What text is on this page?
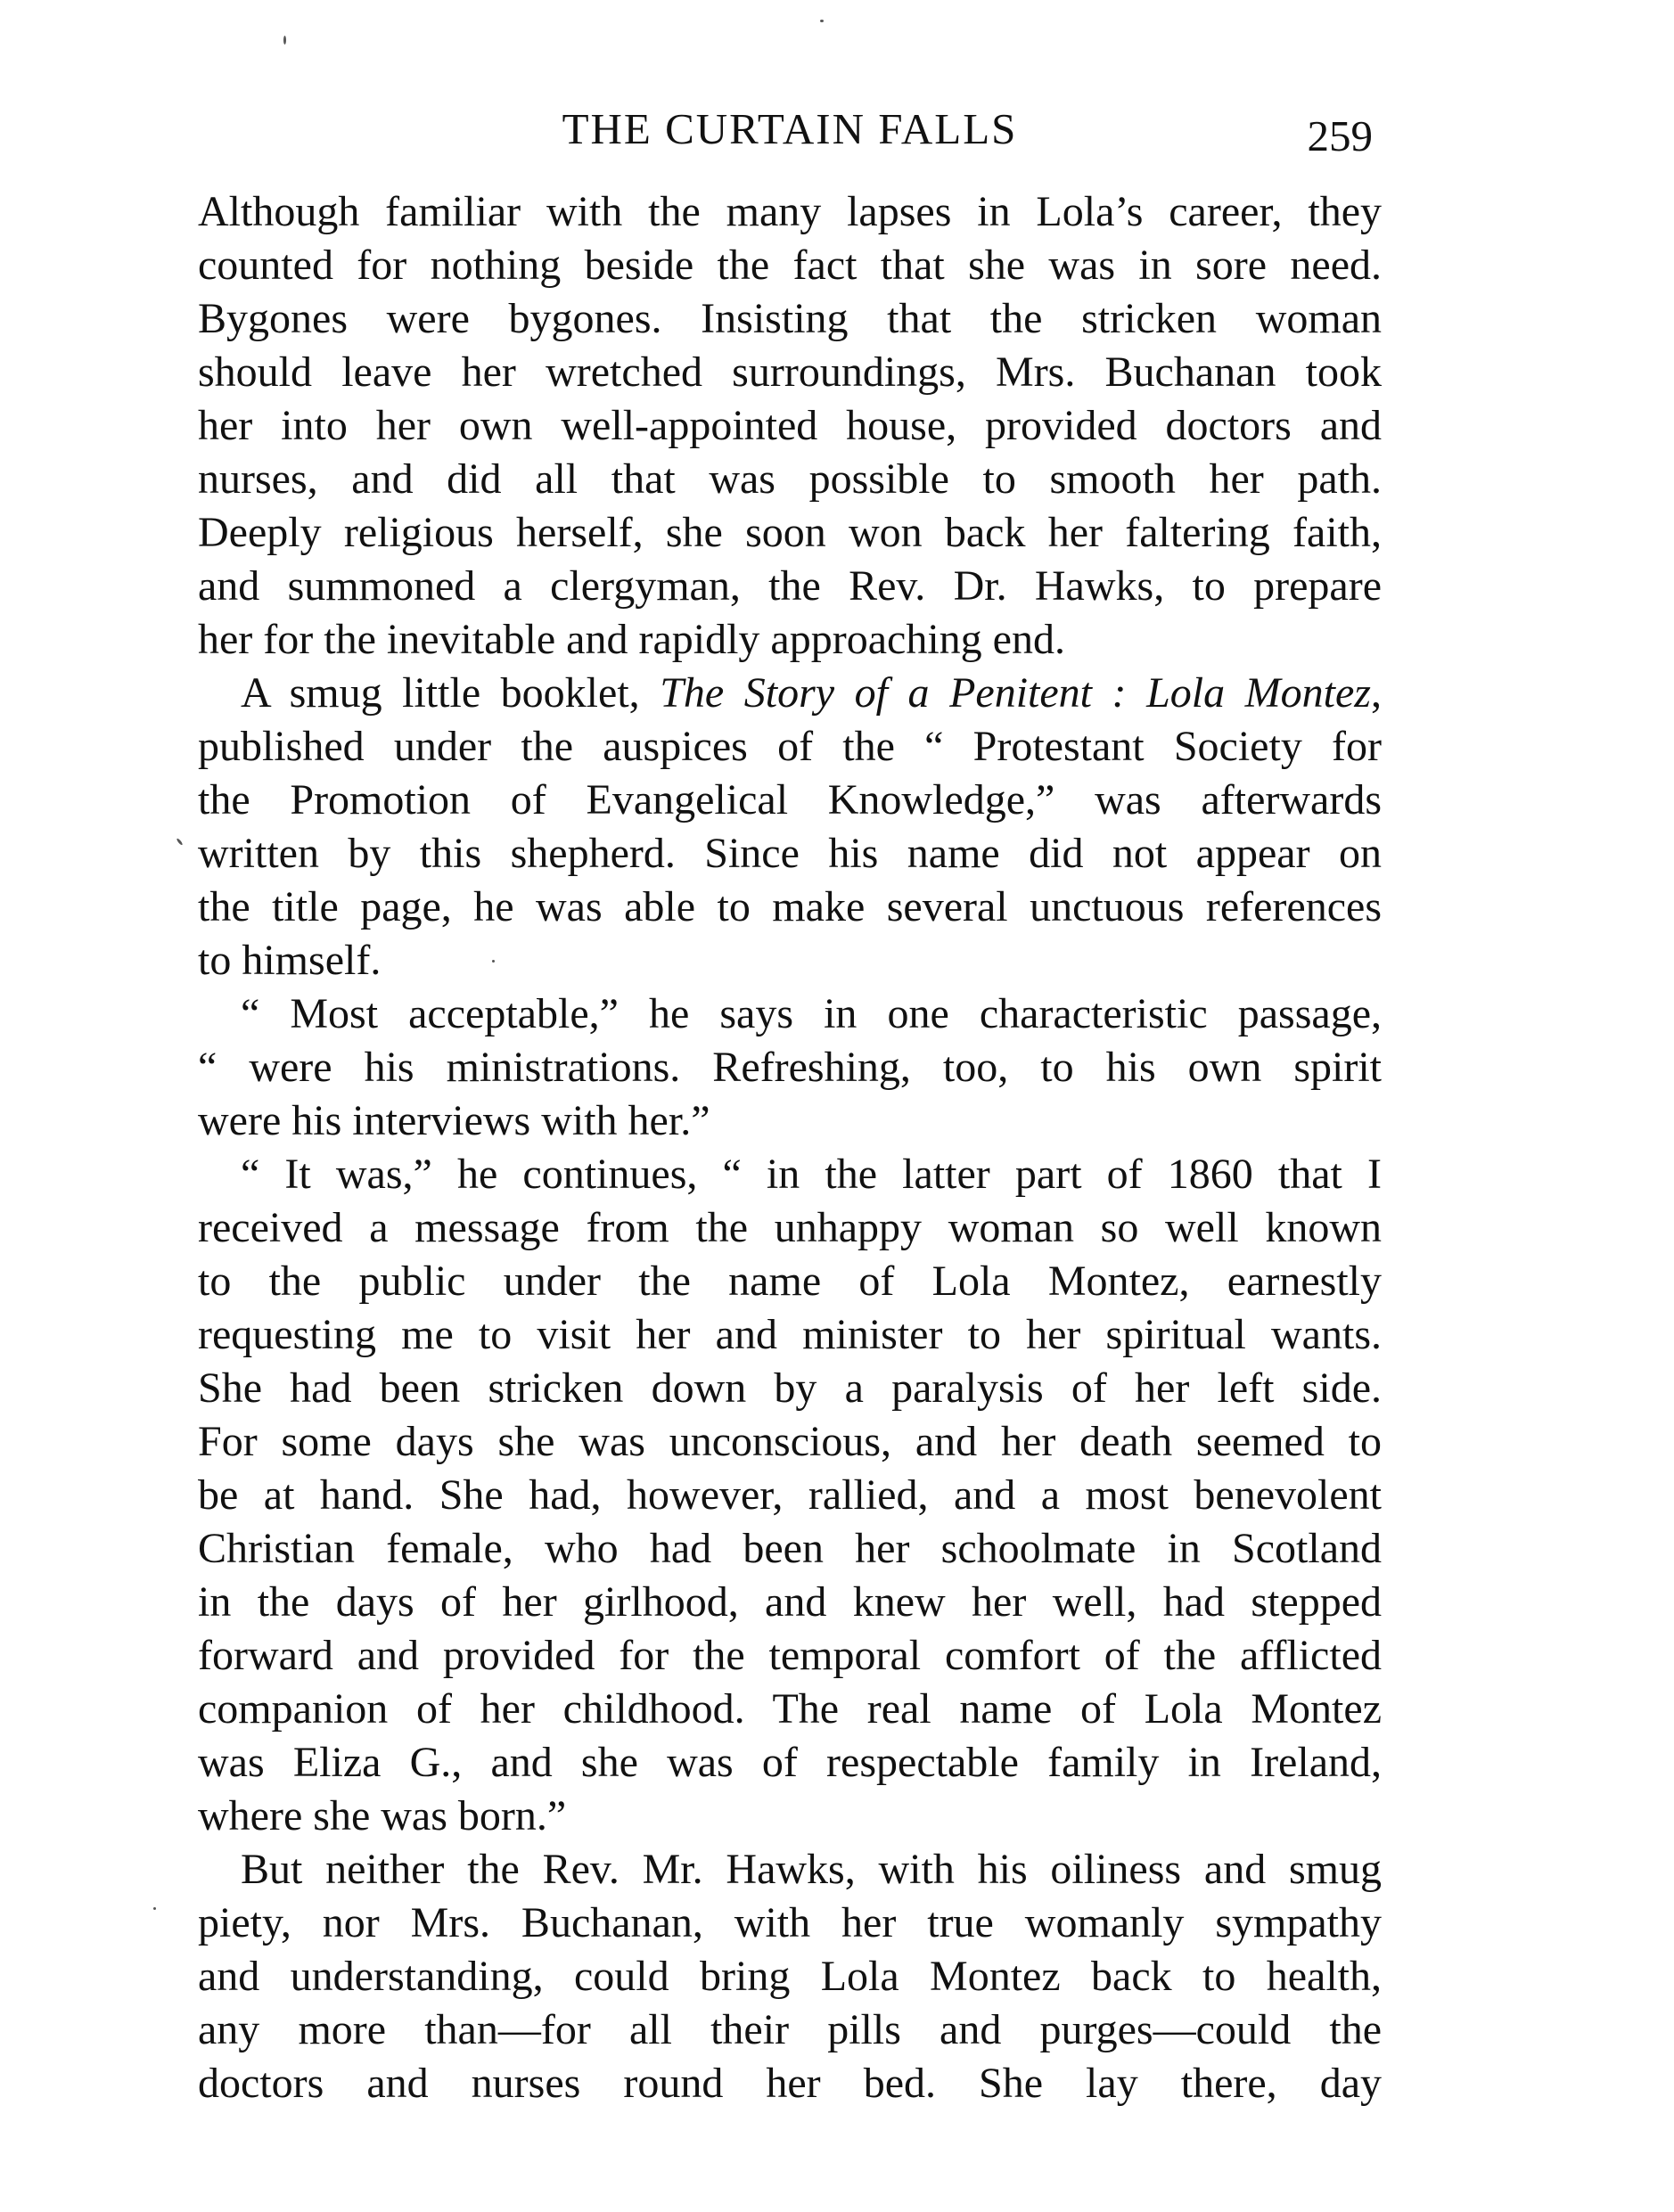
THE CURTAIN FALLS	259
Although familiar with the many lapses in Lola’s career, they
counted for nothing beside the fact that she was in sore need.
Bygones were bygones. Insisting that the stricken woman
should leave her wretched surroundings, Mrs. Buchanan took
her into her own well-appointed house, provided doctors and
nurses, and did all that was possible to smooth her path.
Deeply religious herself, she soon won back her faltering faith,
and summoned a clergyman, the Rev. Dr. Hawks, to prepare
her for the inevitable and rapidly approaching end.
A smug little booklet, The Story of a Penitent : Lola Montez,
published under the auspices of the “ Protestant Society for
the Promotion of Evangelical Knowledge,” was afterwards
written by this shepherd. Since his name did not appear on
the title page, he was able to make several unctuous references
to himself.
“ Most acceptable,” he says in one characteristic passage,
“ were his ministrations. Refreshing, too, to his own spirit
were his interviews with her.”
“ It was,” he continues, “ in the latter part of 1860 that I
received a message from the unhappy woman so well known
to the public under the name of Lola Montez, earnestly
requesting me to visit her and minister to her spiritual wants.
She had been stricken down by a paralysis of her left side.
For some days she was unconscious, and her death seemed to
be at hand. She had, however, rallied, and a most benevolent
Christian female, who had been her schoolmate in Scotland
in the days of her girlhood, and knew her well, had stepped
forward and provided for the temporal comfort of the afflicted
companion of her childhood. The real name of Lola Montez
was Eliza G., and she was of respectable family in Ireland,
where she was born.”
But neither the Rev. Mr. Hawks, with his oiliness and smug
piety, nor Mrs. Buchanan, with her true womanly sympathy
and understanding, could bring Lola Montez back to health,
any more than—for all their pills and purges—could the
doctors and nurses round her bed. She lay there, day
